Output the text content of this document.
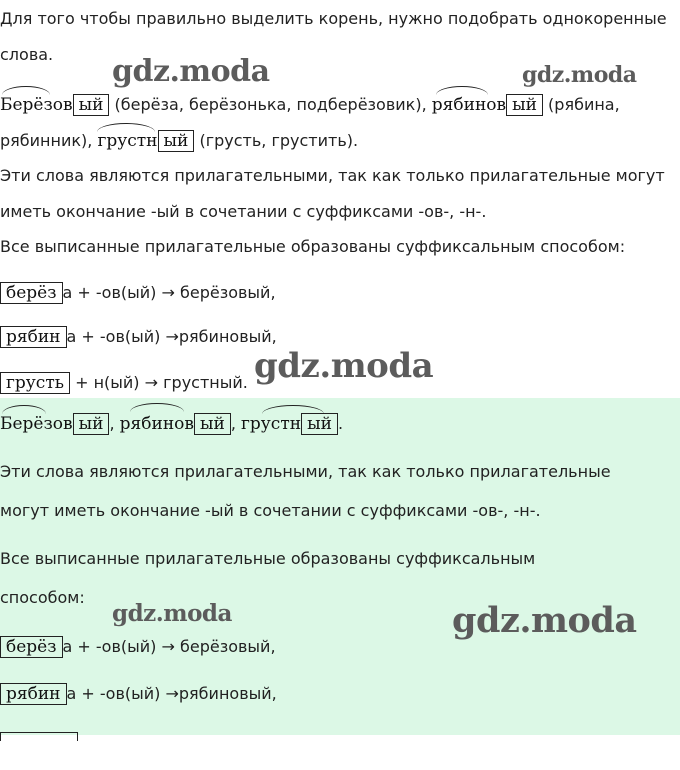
Для того чтобы правильно выделить корень, нужно подобрать однокоренные
слова.
Берёзов ый (берёза, берёзонька, подберёзовик), рябинов ый (рябина,
рябинник), грустн ый (грусть, грустить).
Эти слова являются прилагательными, так как только прилагательные могут
иметь окончание -ый в сочетании с суффиксами -ов-, -н-.
Все выписанные прилагательные образованы суффиксальным способом:
берёз а + -ов(ый) → берёзовый,
рябин а + -ов(ый) →рябиновый,
грусть + н(ый) → грустный.
Берёзов ый , рябинов ый , грустн ый .
Эти слова являются прилагательными, так как только прилагательные
могут иметь окончание -ый в сочетании с суффиксами -ов-, -н-.
Все выписанные прилагательные образованы суффиксальным
способом:
берёз а + -ов(ый) → берёзовый,
рябин а + -ов(ый) →рябиновый,
gdz.moda	gdz.moda
gdz.moda
gdz.moda	gdz.moda
